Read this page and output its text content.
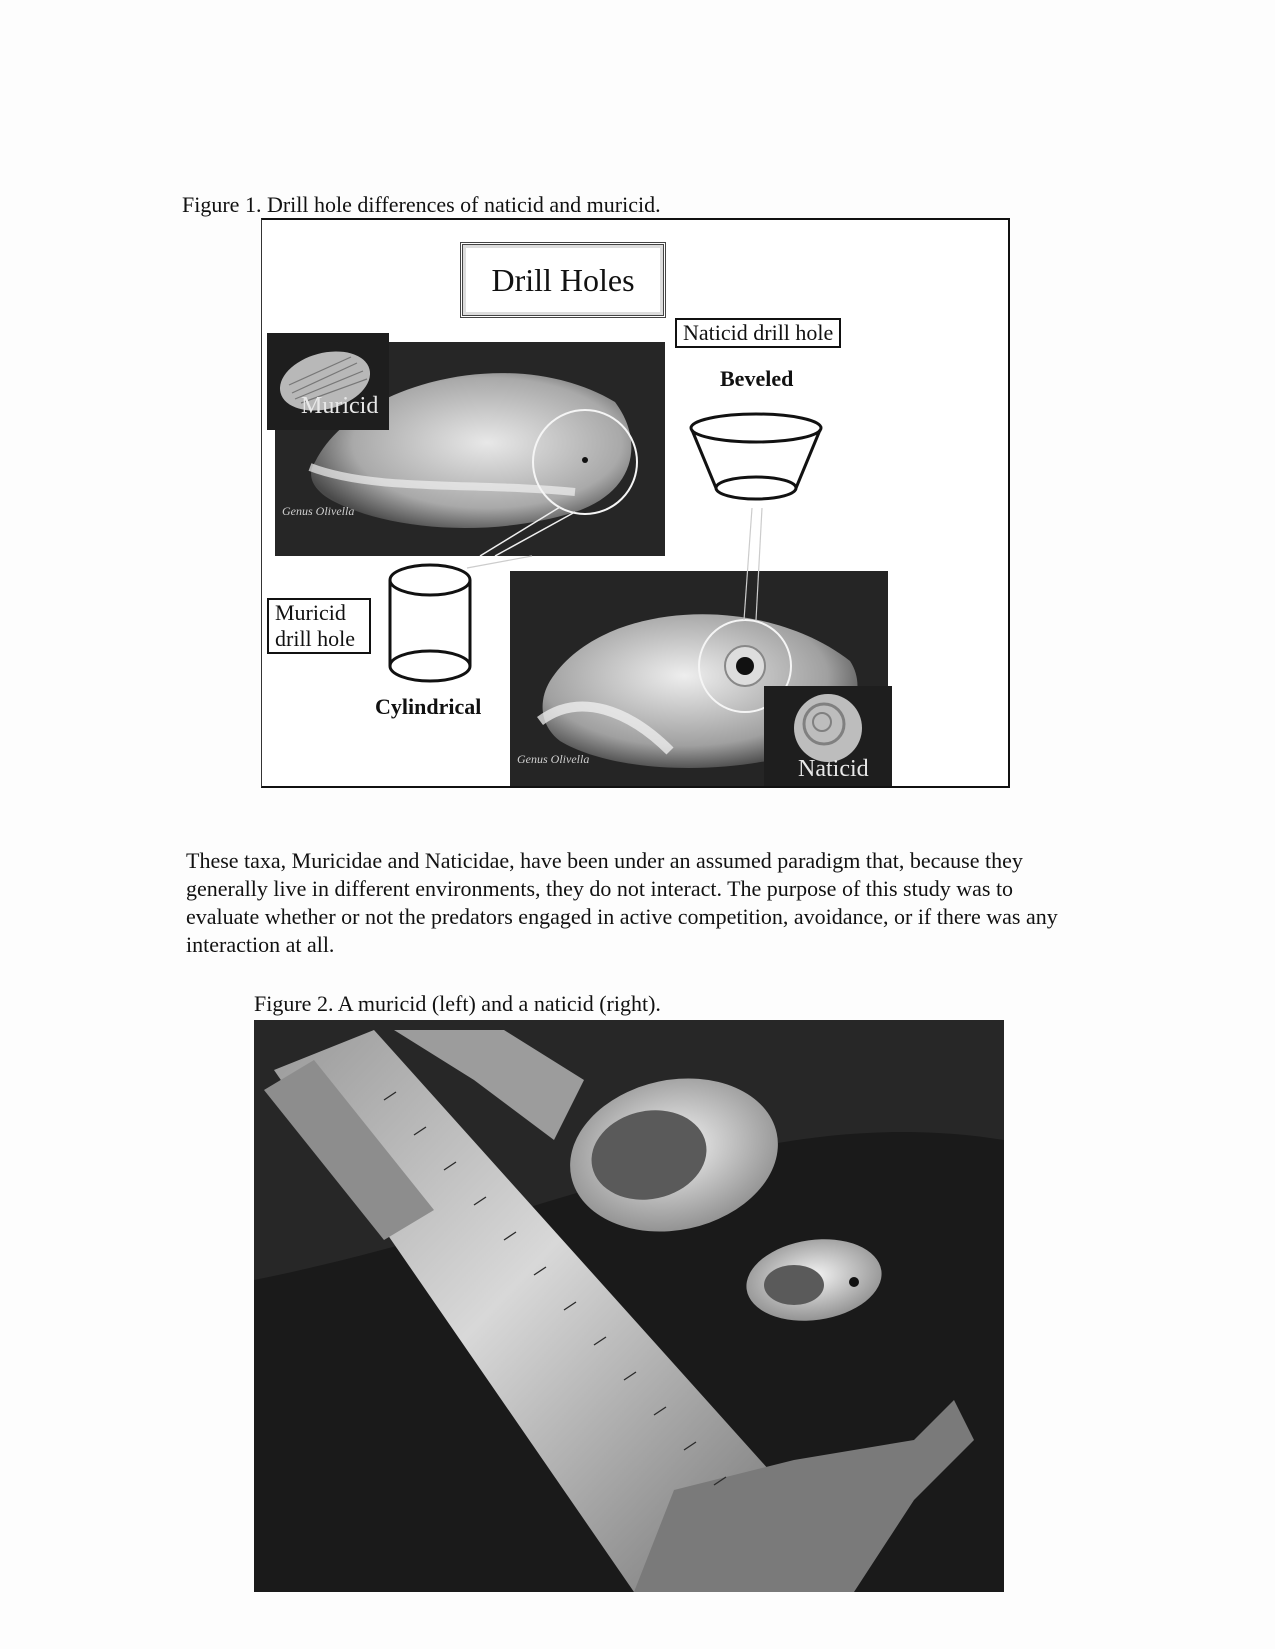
Figure 1. Drill hole differences of naticid and muricid.
Drill Holes
Genus Olivella
Muricid
Naticid drill hole
Beveled
Muricid
drill hole
Cylindrical
Genus Olivella	Naticid
These taxa, Muricidae and Naticidae, have been under an assumed paradigm that, because they generally live in different environments, they do not interact. The purpose of this study was to evaluate whether or not the predators engaged in active competition, avoidance, or if there was any interaction at all.
Figure 2. A muricid (left) and a naticid (right).
